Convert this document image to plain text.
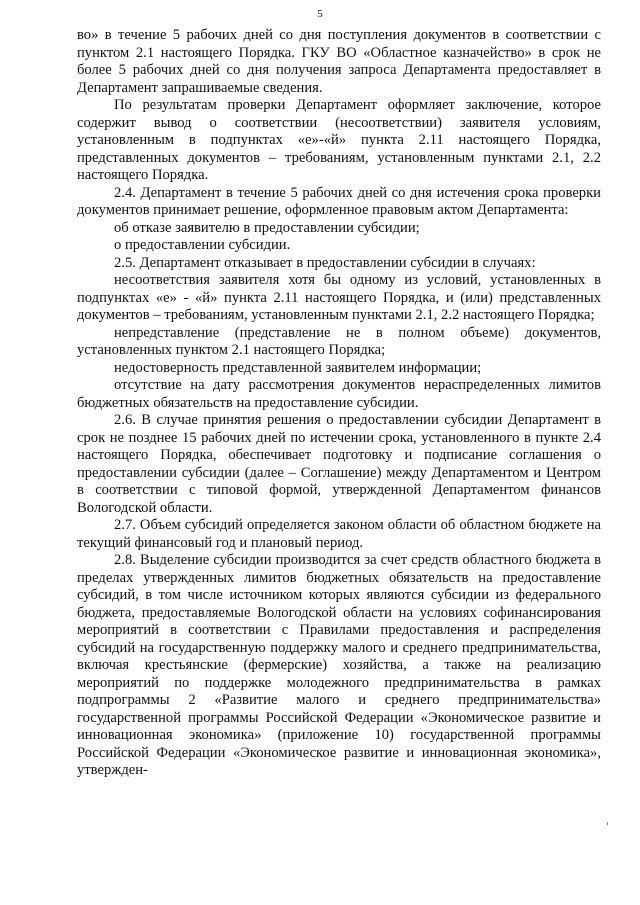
5

во» в течение 5 рабочих дней со дня поступления документов в соответствии с пунктом 2.1 настоящего Порядка. ГКУ ВО «Областное казначейство» в срок не более 5 рабочих дней со дня получения запроса Департамента предоставляет в Департамент запрашиваемые сведения.

По результатам проверки Департамент оформляет заключение, которое содержит вывод о соответствии (несоответствии) заявителя условиям, установленным в подпунктах «е»-«й» пункта 2.11 настоящего Порядка, представленных документов – требованиям, установленным пунктами 2.1, 2.2 настоящего Порядка.

2.4. Департамент в течение 5 рабочих дней со дня истечения срока проверки документов принимает решение, оформленное правовым актом Департамента:

об отказе заявителю в предоставлении субсидии;

о предоставлении субсидии.

2.5. Департамент отказывает в предоставлении субсидии в случаях:

несоответствия заявителя хотя бы одному из условий, установленных в подпунктах «е» - «й» пункта 2.11 настоящего Порядка, и (или) представленных документов – требованиям, установленным пунктами 2.1, 2.2 настоящего Порядка;

непредставление (представление не в полном объеме) документов, установленных пунктом 2.1 настоящего Порядка;

недостоверность представленной заявителем информации;

отсутствие на дату рассмотрения документов нераспределенных лимитов бюджетных обязательств на предоставление субсидии.

2.6. В случае принятия решения о предоставлении субсидии Департамент в срок не позднее 15 рабочих дней по истечении срока, установленного в пункте 2.4 настоящего Порядка, обеспечивает подготовку и подписание соглашения о предоставлении субсидии (далее – Соглашение) между Департаментом и Центром в соответствии с типовой формой, утвержденной Департаментом финансов Вологодской области.

2.7. Объем субсидий определяется законом области об областном бюджете на текущий финансовый год и плановый период.

2.8. Выделение субсидии производится за счет средств областного бюджета в пределах утвержденных лимитов бюджетных обязательств на предоставление субсидий, в том числе источником которых являются субсидии из федерального бюджета, предоставляемые Вологодской области на условиях софинансирования мероприятий в соответствии с Правилами предоставления и распределения субсидий на государственную поддержку малого и среднего предпринимательства, включая крестьянские (фермерские) хозяйства, а также на реализацию мероприятий по поддержке молодежного предпринимательства в рамках подпрограммы 2 «Развитие малого и среднего предпринимательства» государственной программы Российской Федерации «Экономическое развитие и инновационная экономика» (приложение 10) государственной программы Российской Федерации «Экономическое развитие и инновационная экономика», утвержден-
